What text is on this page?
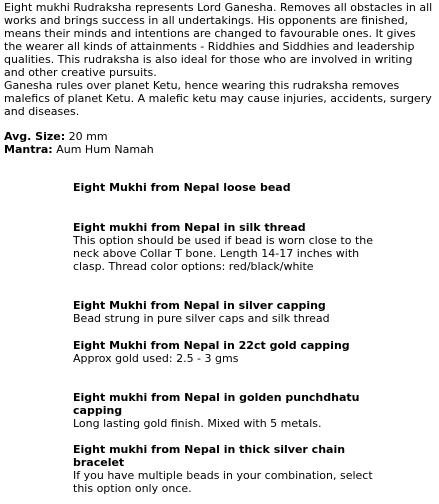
Eight mukhi Rudraksha represents Lord Ganesha. Removes all obstacles in all works and brings success in all undertakings. His opponents are finished, means their minds and intentions are changed to favourable ones. It gives the wearer all kinds of attainments - Riddhies and Siddhies and leadership qualities. This rudraksha is also ideal for those who are involved in writing and other creative pursuits.

Ganesha rules over planet Ketu, hence wearing this rudraksha removes malefics of planet Ketu. A malefic ketu may cause injuries, accidents, surgery and diseases.

Avg. Size: 20 mm
Mantra: Aum Hum Namah
Eight Mukhi from Nepal loose bead
Eight mukhi from Nepal in silk thread
This option should be used if bead is worn close to the neck above Collar T bone. Length 14-17 inches with clasp. Thread color options: red/black/white
Eight Mukhi from Nepal in silver capping
Bead strung in pure silver caps and silk thread
Eight Mukhi from Nepal in 22ct gold capping
Approx gold used: 2.5 - 3 gms
Eight mukhi from Nepal in golden punchdhatu capping
Long lasting gold finish. Mixed with 5 metals.
Eight mukhi from Nepal in thick silver chain bracelet
If you have multiple beads in your combination, select this option only once.
